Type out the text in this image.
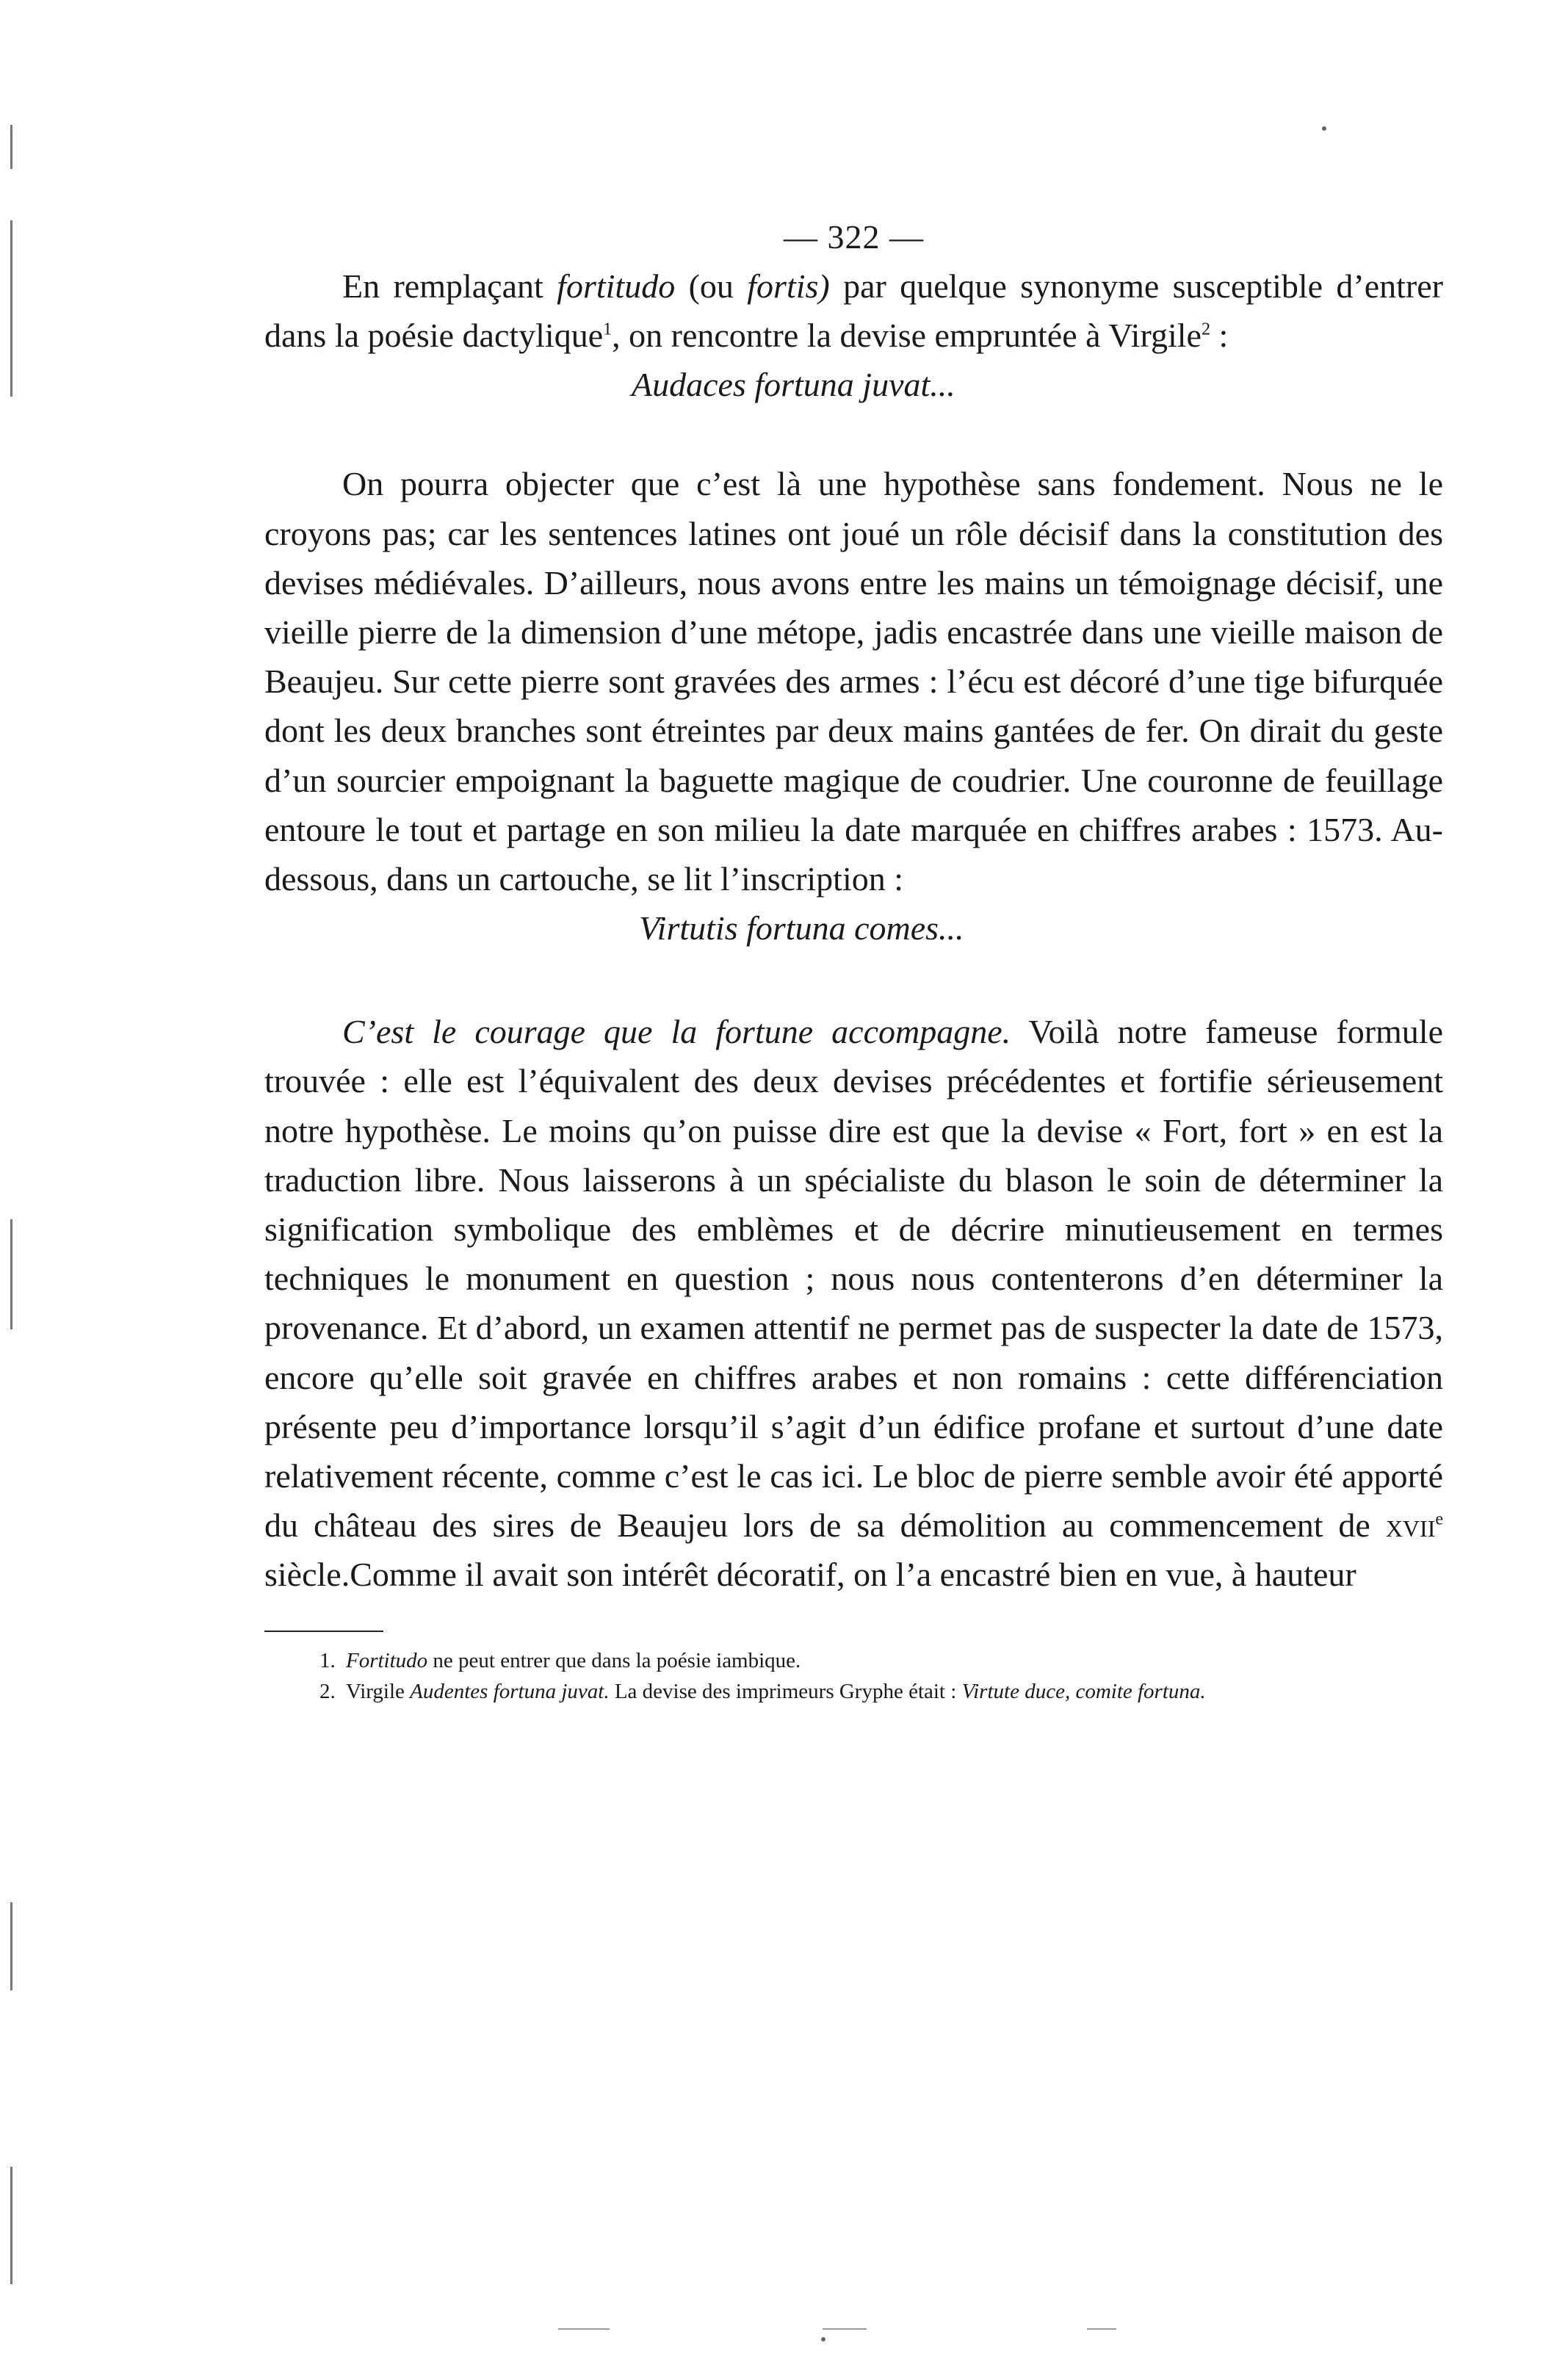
— 322 —

En remplaçant fortitudo (ou fortis) par quelque synonyme susceptible d’entrer dans la poésie dactylique$^1$, on rencontre la devise empruntée à Virgile$^2$ :

Audaces fortuna juvat...

On pourra objecter que c’est là une hypothèse sans fondement. Nous ne le croyons pas; car les sentences latines ont joué un rôle décisif dans la constitution des devises médiévales. D’ailleurs, nous avons entre les mains un témoignage décisif, une vieille pierre de la dimension d’une métope, jadis encastrée dans une vieille maison de Beaujeu. Sur cette pierre sont gravées des armes : l’écu est décoré d’une tige bifurquée dont les deux branches sont étreintes par deux mains gantées de fer. On dirait du geste d’un sourcier empoignant la baguette magique de coudrier. Une couronne de feuillage entoure le tout et partage en son milieu la date marquée en chiffres arabes : 1573. Au-dessous, dans un cartouche, se lit l’inscription :

Virtutis fortuna comes...

C’est le courage que la fortune accompagne. Voilà notre fameuse formule trouvée : elle est l’équivalent des deux devises précédentes et fortifie sérieusement notre hypothèse. Le moins qu’on puisse dire est que la devise « Fort, fort » en est la traduction libre. Nous laisserons à un spécialiste du blason le soin de déterminer la signification symbolique des emblèmes et de décrire minutieusement en termes techniques le monument en question ; nous nous contenterons d’en déterminer la provenance. Et d’abord, un examen attentif ne permet pas de suspecter la date de 1573, encore qu’elle soit gravée en chiffres arabes et non romains : cette différenciation présente peu d’importance lorsqu’il s’agit d’un édifice profane et surtout d’une date relativement récente, comme c’est le cas ici. Le bloc de pierre semble avoir été apporté du château des sires de Beaujeu lors de sa démolition au commencement de xvii$^e$ siècle.Comme il avait son intérêt décoratif, on l’a encastré bien en vue, à hauteur

1. Fortitudo ne peut entrer que dans la poésie iambique.
2. Virgile Audentes fortuna juvat. La devise des imprimeurs Gryphe était : Virtute duce, comite fortuna.
